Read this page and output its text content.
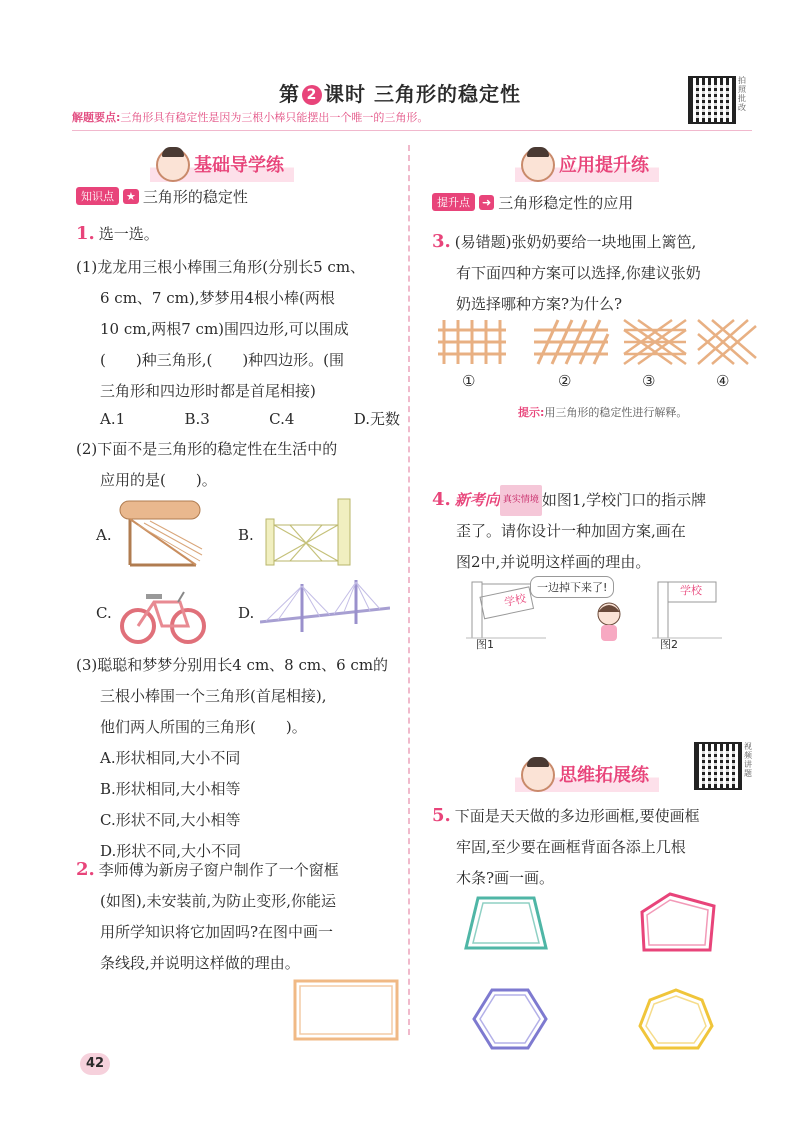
第 2 课时 三角形的稳定性
解题要点:三角形具有稳定性是因为三根小棒只能摆出一个唯一的三角形。
拍照批改
基础导学练
知识点 ★ 三角形的稳定性
1. 选一选。
(1)龙龙用三根小棒围三角形(分别长5 cm、
6 cm、7 cm),梦梦用4根小棒(两根
10 cm,两根7 cm)围四边形,可以围成
(　　)种三角形,(　　)种四边形。(围
三角形和四边形时都是首尾相接)
A.1	B.3	C.4	D.无数
(2)下面不是三角形的稳定性在生活中的
应用的是(　　)。
A.	B.
C.	D.
(3)聪聪和梦梦分别用长4 cm、8 cm、6 cm的
三根小棒围一个三角形(首尾相接),
他们两人所围的三角形(　　)。
A.形状相同,大小不同
B.形状相同,大小相等
C.形状不同,大小相等
D.形状不同,大小不同
2. 李师傅为新房子窗户制作了一个窗框
(如图),未安装前,为防止变形,你能运
用所学知识将它加固吗?在图中画一
条线段,并说明这样做的理由。
42
应用提升练
提升点 ➜ 三角形稳定性的应用
3. (易错题)张奶奶要给一块地围上篱笆,
有下面四种方案可以选择,你建议张奶
奶选择哪种方案?为什么?
①	②	③	④
提示:用三角形的稳定性进行解释。
4. 新考向 真实情境 如图1,学校门口的指示牌
歪了。请你设计一种加固方案,画在
图2中,并说明这样画的理由。
学校
图1
一边掉下来了!	学校
图2
视频讲题
思维拓展练
5. 下面是天天做的多边形画框,要使画框
牢固,至少要在画框背面各添上几根
木条?画一画。
